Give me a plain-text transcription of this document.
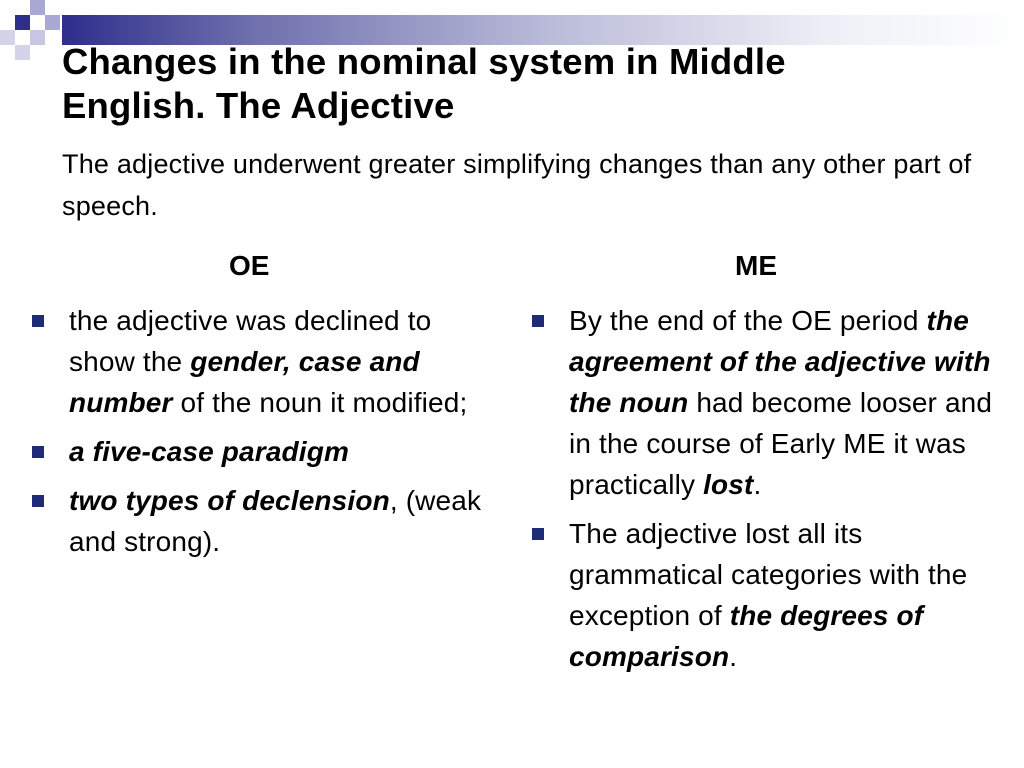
Changes in the nominal system in Middle
English. The Adjective

The adjective underwent greater simplifying changes than any other part of speech.

OE
the adjective was declined to show the gender, case and number of the noun it modified;
a five-case paradigm
two types of declension, (weak and strong).
ME
By the end of the OE period the agreement of the adjective with the noun had become looser and in the course of Early ME it was practically lost.
The adjective lost all its grammatical categories with the exception of the degrees of comparison.
